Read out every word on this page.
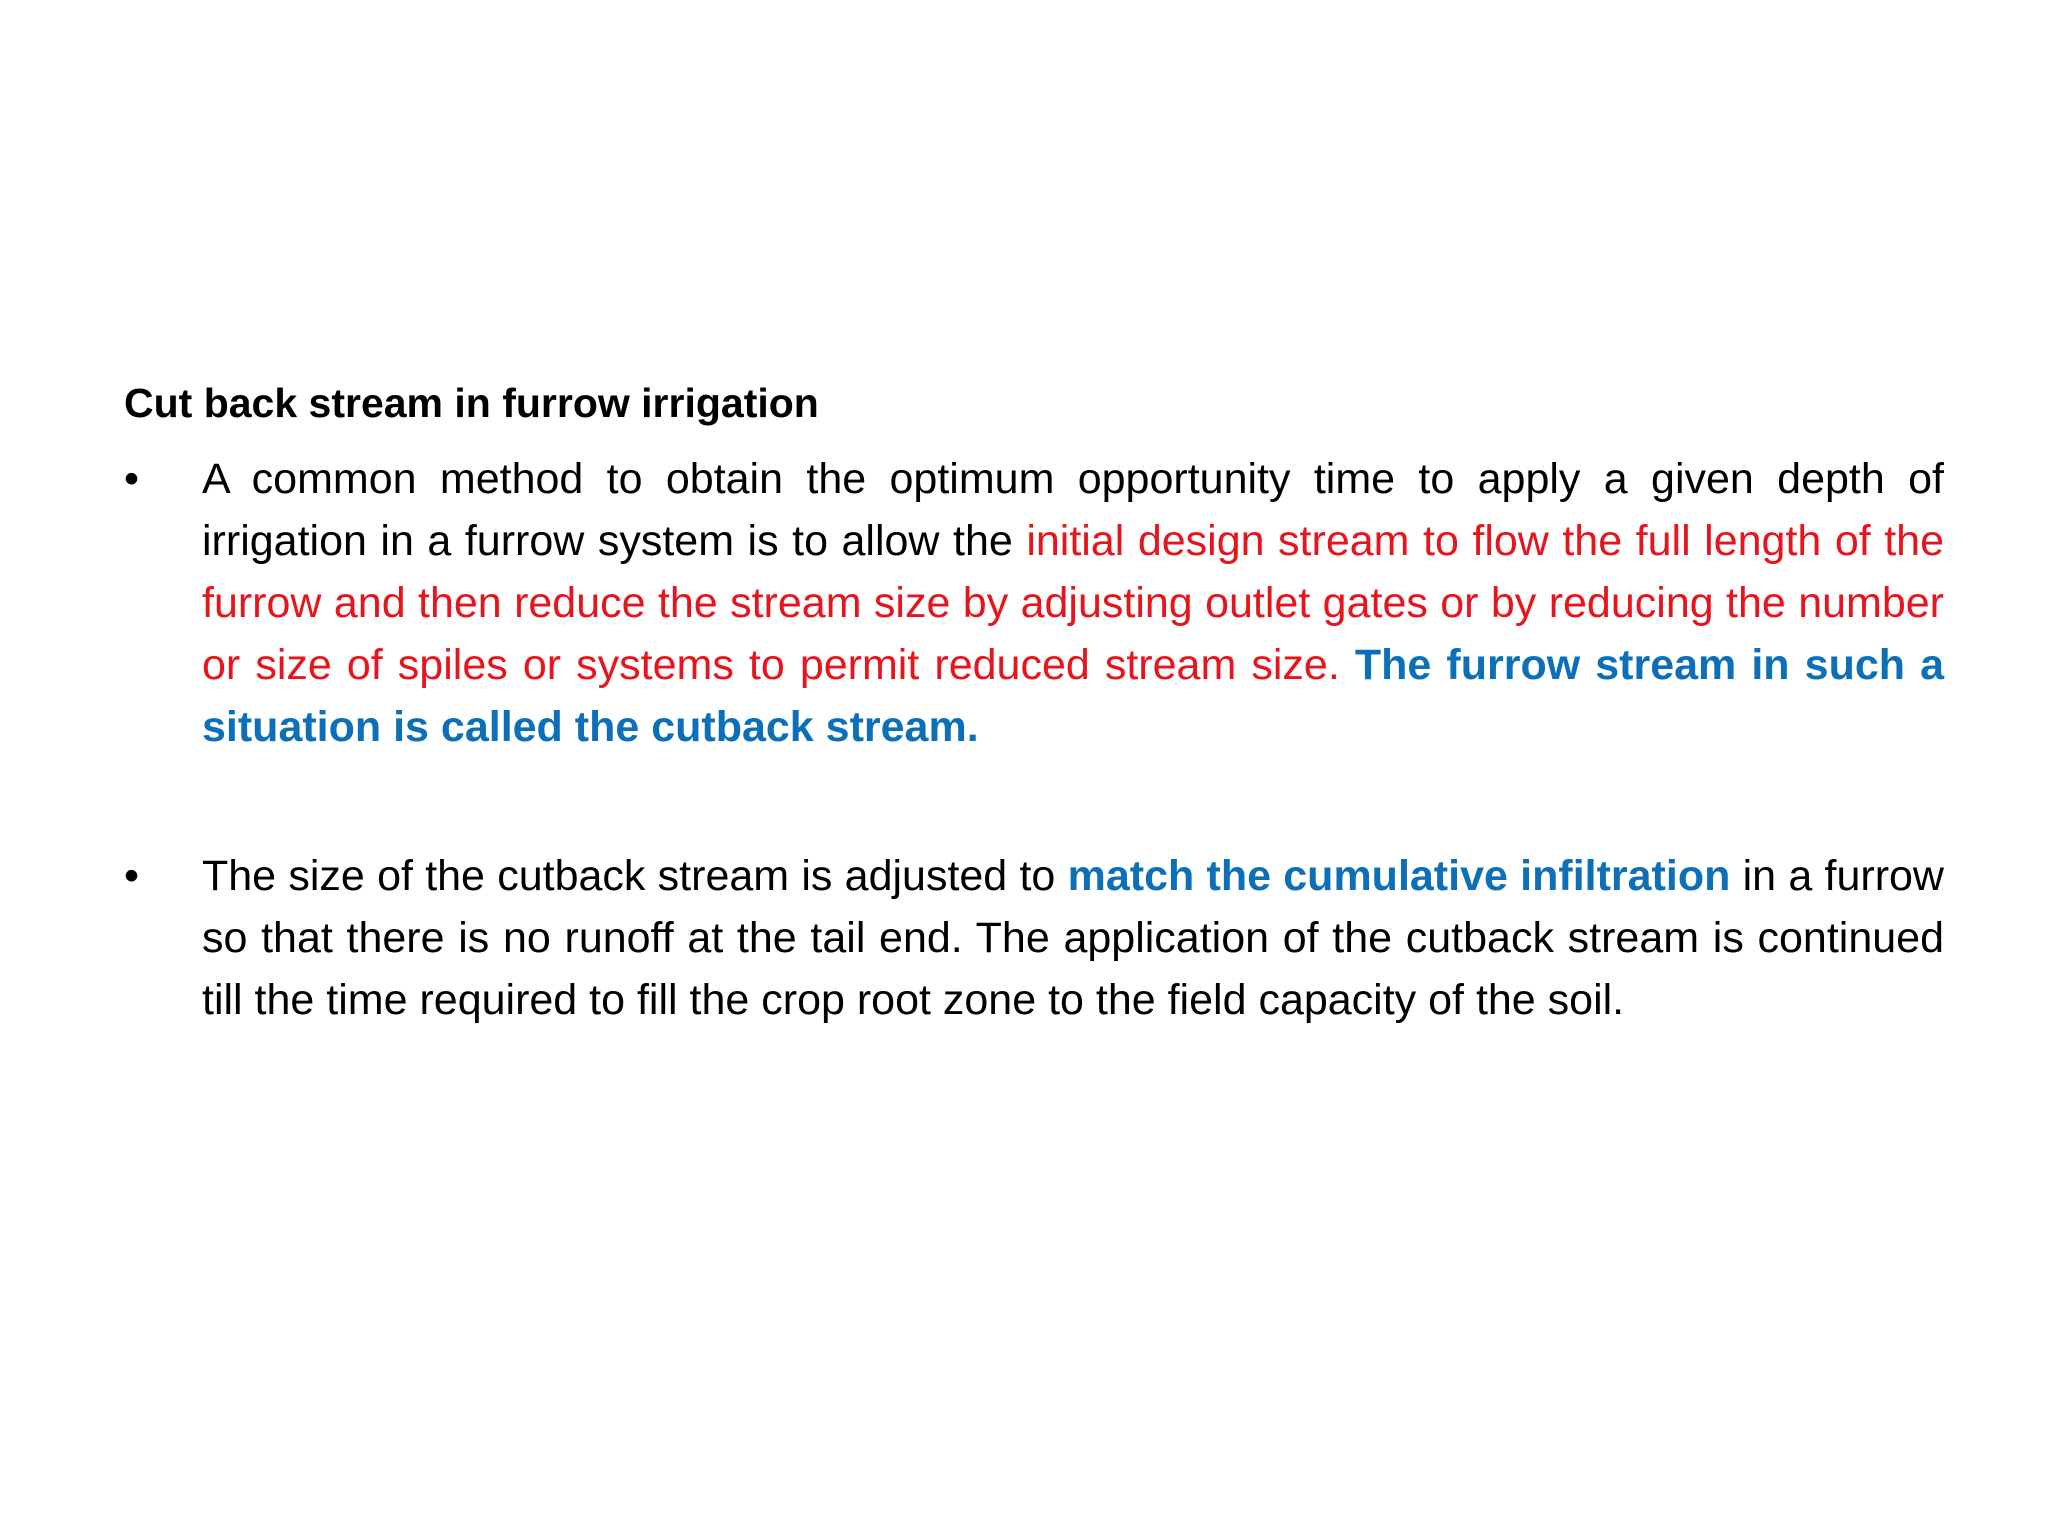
Cut back stream in furrow irrigation
•	A common method to obtain the optimum opportunity time to apply a given depth of irrigation in a furrow system is to allow the initial design stream to flow the full length of the furrow and then reduce the stream size by adjusting outlet gates or by reducing the number or size of spiles or systems to permit reduced stream size. The furrow stream in such a situation is called the cutback stream.
•	The size of the cutback stream is adjusted to match the cumulative infiltration in a furrow so that there is no runoff at the tail end. The application of the cutback stream is continued till the time required to fill the crop root zone to the field capacity of the soil.
